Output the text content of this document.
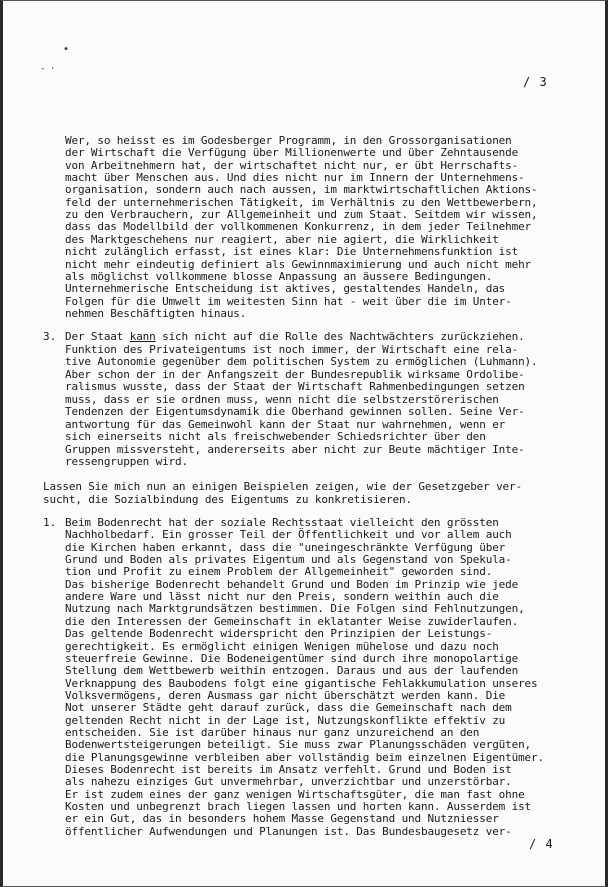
•
- ·
/ 3
Wer, so heisst es im Godesberger Programm, in den Grossorganisationen
der Wirtschaft die Verfügung über Millionenwerte und über Zehntausende
von Arbeitnehmern hat, der wirtschaftet nicht nur, er übt Herrschafts-
macht über Menschen aus. Und dies nicht nur im Innern der Unternehmens-
organisation, sondern auch nach aussen, im marktwirtschaftlichen Aktions-
feld der unternehmerischen Tätigkeit, im Verhältnis zu den Wettbewerbern,
zu den Verbrauchern, zur Allgemeinheit und zum Staat. Seitdem wir wissen,
dass das Modellbild der vollkommenen Konkurrenz, in dem jeder Teilnehmer
des Marktgeschehens nur reagiert, aber nie agiert, die Wirklichkeit
nicht zulänglich erfasst, ist eines klar: Die Unternehmensfunktion ist
nicht mehr eindeutig definiert als Gewinnmaximierung und auch nicht mehr
als möglichst vollkommene blosse Anpassung an äussere Bedingungen.
Unternehmerische Entscheidung ist aktives, gestaltendes Handeln, das
Folgen für die Umwelt im weitesten Sinn hat - weit über die im Unter-
nehmen Beschäftigten hinaus.
3. Der Staat kann sich nicht auf die Rolle des Nachtwächters zurückziehen.
Funktion des Privateigentums ist noch immer, der Wirtschaft eine rela-
tive Autonomie gegenüber dem politischen System zu ermöglichen (Luhmann).
Aber schon der in der Anfangszeit der Bundesrepublik wirksame Ordolibe-
ralismus wusste, dass der Staat der Wirtschaft Rahmenbedingungen setzen
muss, dass er sie ordnen muss, wenn nicht die selbstzerstörerischen
Tendenzen der Eigentumsdynamik die Oberhand gewinnen sollen. Seine Ver-
antwortung für das Gemeinwohl kann der Staat nur wahrnehmen, wenn er
sich einerseits nicht als freischwebender Schiedsrichter über den
Gruppen missversteht, andererseits aber nicht zur Beute mächtiger Inte-
ressengruppen wird.
Lassen Sie mich nun an einigen Beispielen zeigen, wie der Gesetzgeber ver-
sucht, die Sozialbindung des Eigentums zu konkretisieren.
1. Beim Bodenrecht hat der soziale Rechtsstaat vielleicht den grössten
Nachholbedarf. Ein grosser Teil der Öffentlichkeit und vor allem auch
die Kirchen haben erkannt, dass die "uneingeschränkte Verfügung über
Grund und Boden als privates Eigentum und als Gegenstand von Spekula-
tion und Profit zu einem Problem der Allgemeinheit" geworden sind.
Das bisherige Bodenrecht behandelt Grund und Boden im Prinzip wie jede
andere Ware und lässt nicht nur den Preis, sondern weithin auch die
Nutzung nach Marktgrundsätzen bestimmen. Die Folgen sind Fehlnutzungen,
die den Interessen der Gemeinschaft in eklatanter Weise zuwiderlaufen.
Das geltende Bodenrecht widerspricht den Prinzipien der Leistungs-
gerechtigkeit. Es ermöglicht einigen Wenigen mühelose und dazu noch
steuerfreie Gewinne. Die Bodeneigentümer sind durch ihre monopolartige
Stellung dem Wettbewerb weithin entzogen. Daraus und aus der laufenden
Verknappung des Baubodens folgt eine gigantische Fehlakkumulation unseres
Volksvermögens, deren Ausmass gar nicht überschätzt werden kann. Die
Not unserer Städte geht darauf zurück, dass die Gemeinschaft nach dem
geltenden Recht nicht in der Lage ist, Nutzungskonflikte effektiv zu
entscheiden. Sie ist darüber hinaus nur ganz unzureichend an den
Bodenwertsteigerungen beteiligt. Sie muss zwar Planungsschäden vergüten,
die Planungsgewinne verbleiben aber vollständig beim einzelnen Eigentümer.
Dieses Bodenrecht ist bereits im Ansatz verfehlt. Grund und Boden ist
als nahezu einziges Gut unvermehrbar, unverzichtbar und unzerstörbar.
Er ist zudem eines der ganz wenigen Wirtschaftsgüter, die man fast ohne
Kosten und unbegrenzt brach liegen lassen und horten kann. Ausserdem ist
er ein Gut, das in besonders hohem Masse Gegenstand und Nutzniesser
öffentlicher Aufwendungen und Planungen ist. Das Bundesbaugesetz ver-
/ 4
